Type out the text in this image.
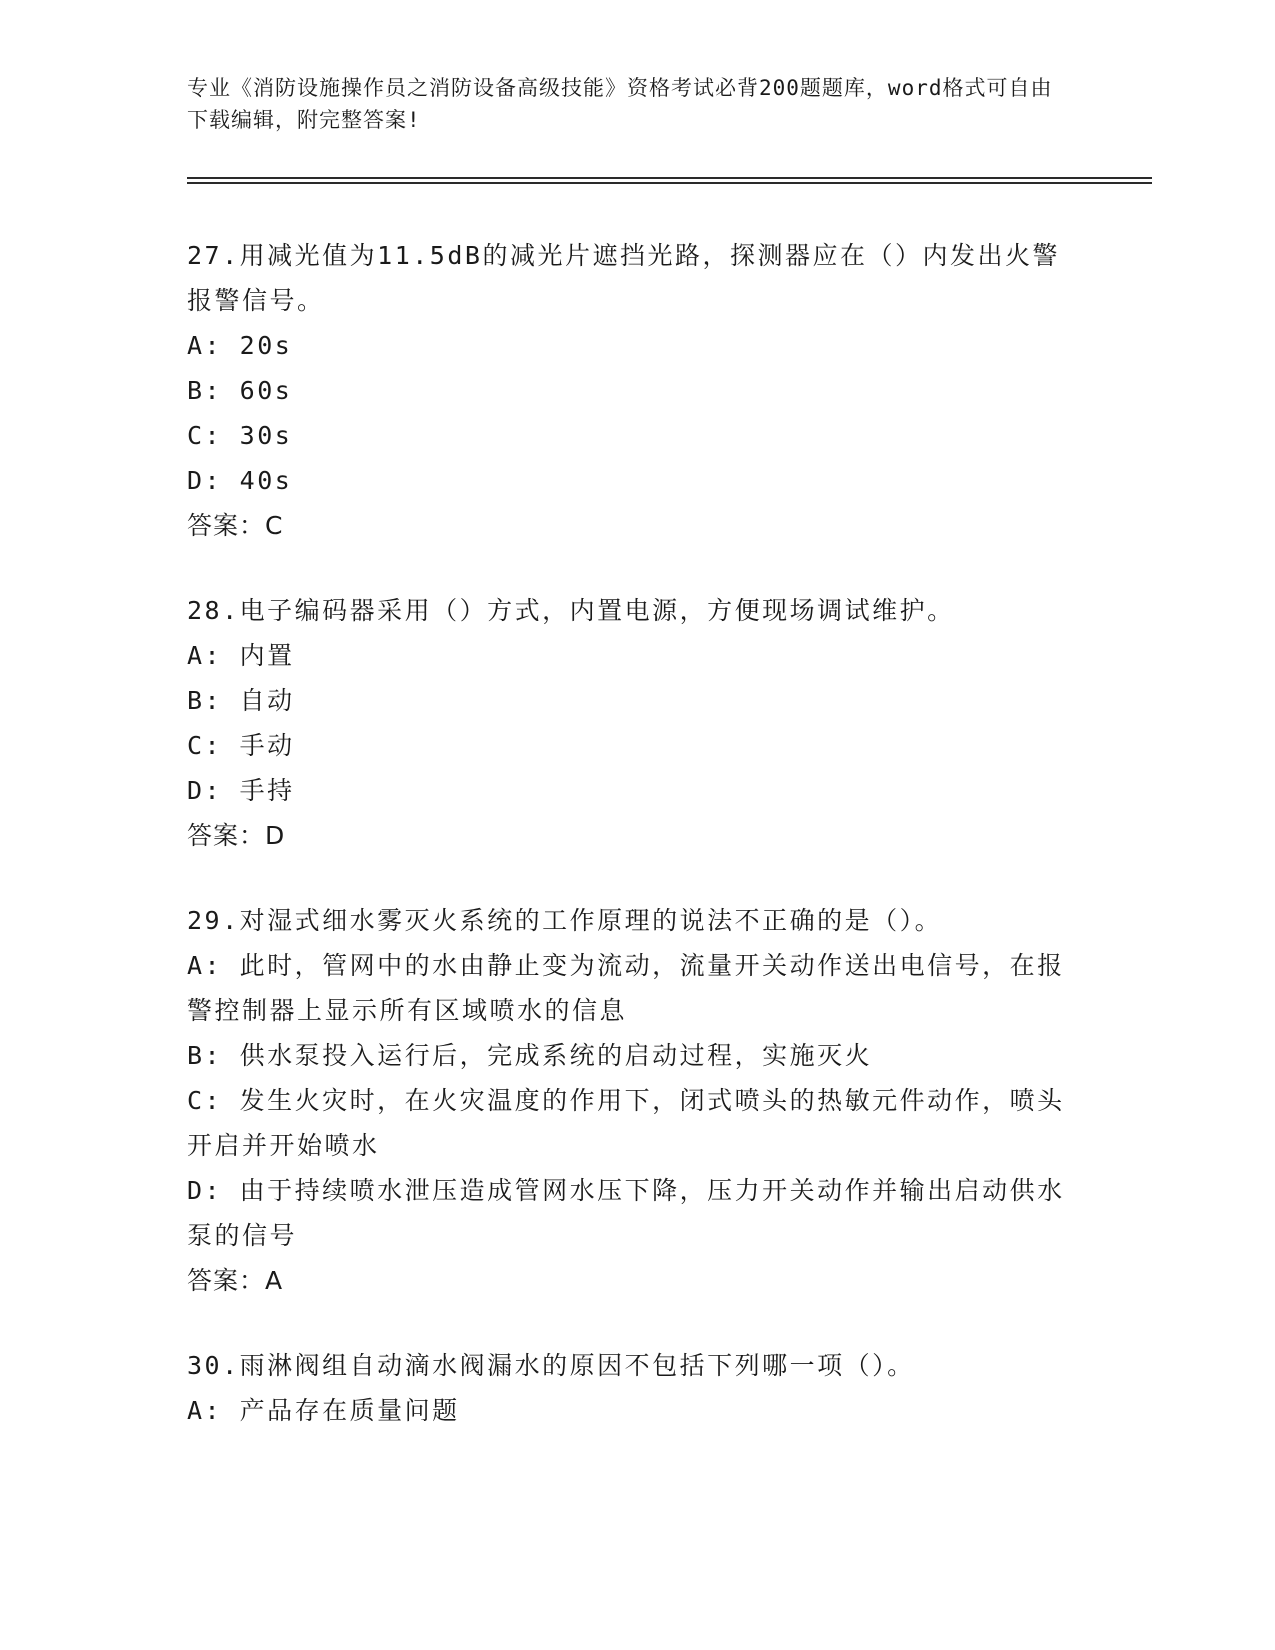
专业《消防设施操作员之消防设备高级技能》资格考试必背200题题库，word格式可自由下载编辑，附完整答案!
27.用减光值为11.5dB的减光片遮挡光路，探测器应在（）内发出火警报警信号。
A: 20s
B: 60s
C: 30s
D: 40s
答案：C
28.电子编码器采用（）方式，内置电源，方便现场调试维护。
A: 内置
B: 自动
C: 手动
D: 手持
答案：D
29.对湿式细水雾灭火系统的工作原理的说法不正确的是（）。
A: 此时，管网中的水由静止变为流动，流量开关动作送出电信号，在报警控制器上显示所有区域喷水的信息
B: 供水泵投入运行后，完成系统的启动过程，实施灭火
C: 发生火灾时，在火灾温度的作用下，闭式喷头的热敏元件动作，喷头开启并开始喷水
D: 由于持续喷水泄压造成管网水压下降，压力开关动作并输出启动供水泵的信号
答案：A
30.雨淋阀组自动滴水阀漏水的原因不包括下列哪一项（）。
A: 产品存在质量问题
